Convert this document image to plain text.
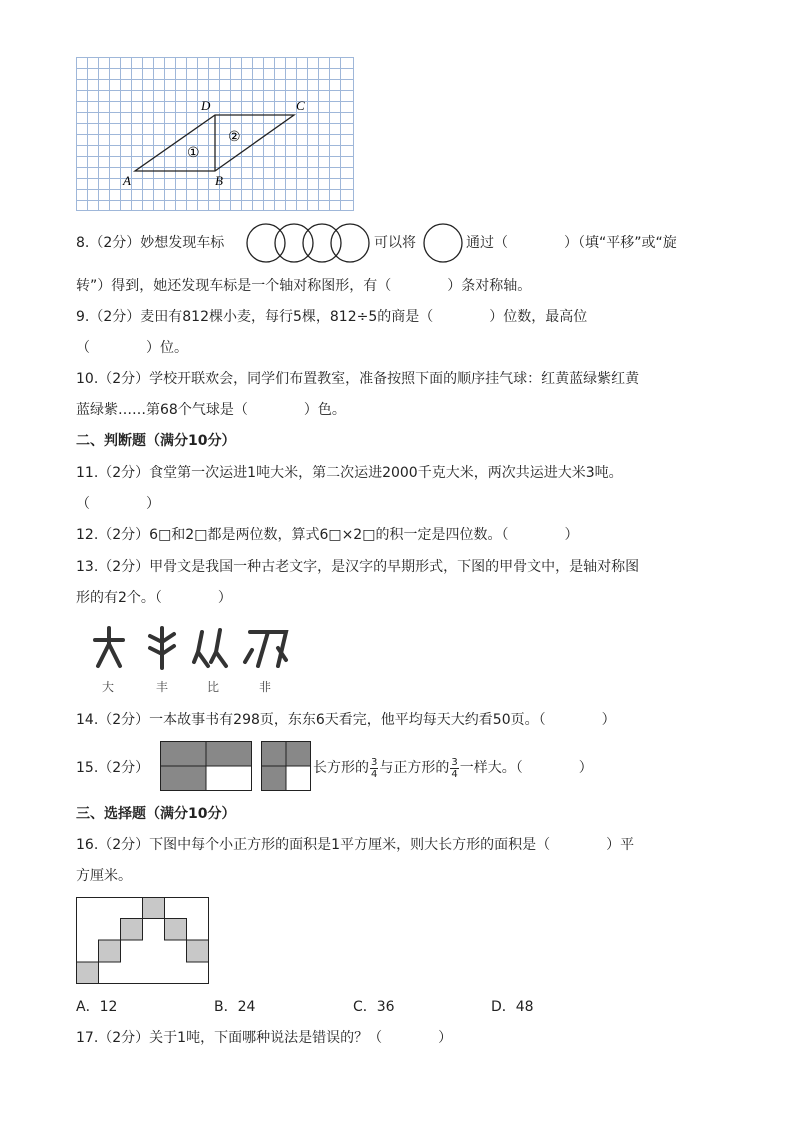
A	B
C
D
①
②
8.（2分）妙想发现车标	可以将	通过（　　　　）（填“平移”或“旋
转”）得到，她还发现车标是一个轴对称图形，有（　　　　）条对称轴。
9.（2分）麦田有812棵小麦，每行5棵，812÷5的商是（　　　　）位数，最高位
（　　　　）位。
10.（2分）学校开联欢会，同学们布置教室，准备按照下面的顺序挂气球：红黄蓝绿紫红黄
蓝绿紫……第68个气球是（　　　　）色。
二、判断题（满分10分）
11.（2分）食堂第一次运进1吨大米，第二次运进2000千克大米，两次共运进大米3吨。
（　　　　）
12.（2分）6□和2□都是两位数，算式6□×2□的积一定是四位数。（　　　　）
13.（2分）甲骨文是我国一种古老文字，是汉字的早期形式，下图的甲骨文中，是轴对称图
形的有2个。（　　　　）
大	丰	比	非
14.（2分）一本故事书有298页，东东6天看完，他平均每天大约看50页。（　　　　）
15.（2分）	长方形的 $\frac{3}{4}$ 与正方形的 $\frac{3}{4}$ 一样大。（　　　　）
三、选择题（满分10分）
16.（2分）下图中每个小正方形的面积是1平方厘米，则大长方形的面积是（　　　　）平
方厘米。
A．12	B．24	C．36	D．48
17.（2分）关于1吨，下面哪种说法是错误的？（　　　　）
